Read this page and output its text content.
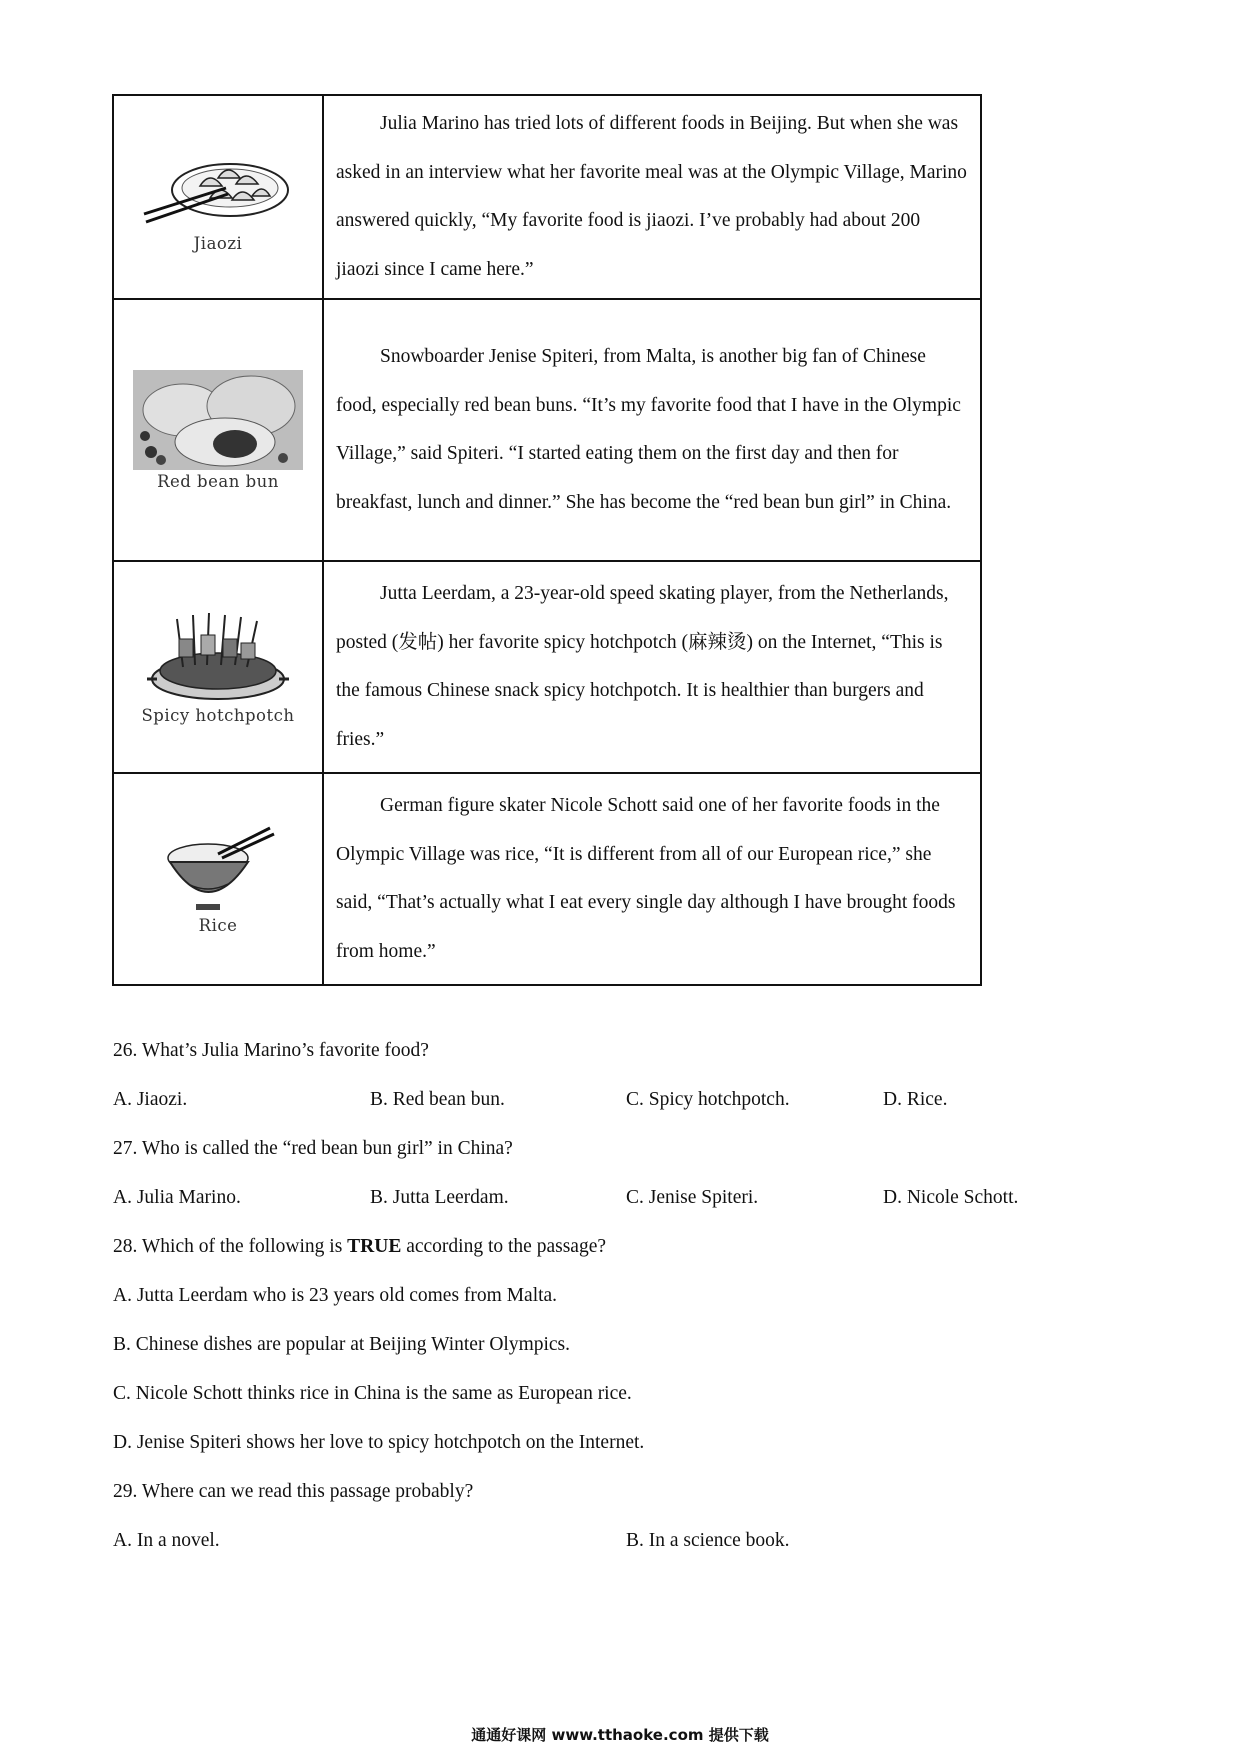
Jiaozi	Julia Marino has tried lots of different foods in Beijing. But when she was asked in an interview what her favorite meal was at the Olympic Village, Marino answered quickly, “My favorite food is jiaozi. I’ve probably had about 200 jiaozi since I came here.”

Red bean bun	Snowboarder Jenise Spiteri, from Malta, is another big fan of Chinese food, especially red bean buns. “It’s my favorite food that I have in the Olympic Village,” said Spiteri. “I started eating them on the first day and then for breakfast, lunch and dinner.” She has become the “red bean bun girl” in China.

Spicy hotchpotch	Jutta Leerdam, a 23-year-old speed skating player, from the Netherlands, posted (发帖) her favorite spicy hotchpotch (麻辣烫) on the Internet, “This is the famous Chinese snack spicy hotchpotch. It is healthier than burgers and fries.”

Rice	German figure skater Nicole Schott said one of her favorite foods in the Olympic Village was rice, “It is different from all of our European rice,” she said, “That’s actually what I eat every single day although I have brought foods from home.”

26. What’s Julia Marino’s favorite food?
A. Jiaozi.	B. Red bean bun.	C. Spicy hotchpotch.	D. Rice.
27. Who is called the “red bean bun girl” in China?
A. Julia Marino.	B. Jutta Leerdam.	C. Jenise Spiteri.	D. Nicole Schott.
28. Which of the following is TRUE according to the passage?
A. Jutta Leerdam who is 23 years old comes from Malta.
B. Chinese dishes are popular at Beijing Winter Olympics.
C. Nicole Schott thinks rice in China is the same as European rice.
D. Jenise Spiteri shows her love to spicy hotchpotch on the Internet.
29. Where can we read this passage probably?
A. In a novel.	B. In a science book.
通通好课网 www.tthaoke.com 提供下载
